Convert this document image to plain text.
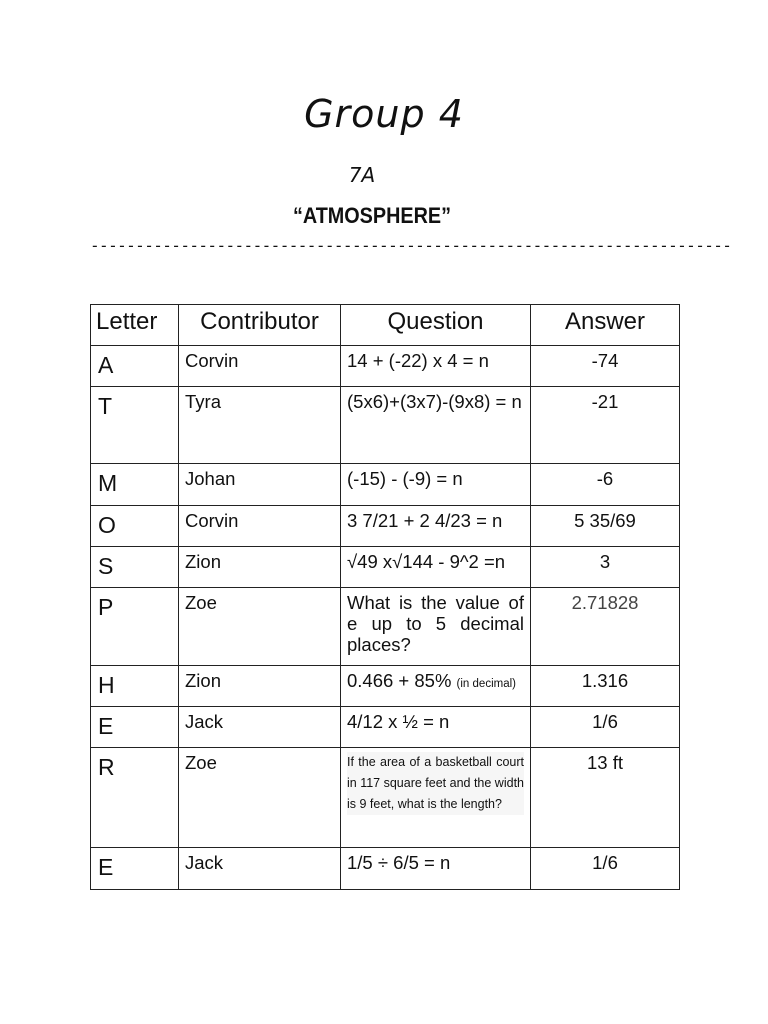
Group 4
7A
“ATMOSPHERE”
-----------------------------------------------------------------------
Letter	Contributor	Question	Answer
A	Corvin	14 + (-22) x 4 = n	-74
T	Tyra	(5x6)+(3x7)-(9x8) = n	-21
M	Johan	(-15) - (-9) = n	-6
O	Corvin	3 7/21 + 2 4/23 = n	5 35/69
S	Zion	√49 x√144 - 9^2 =n	3
P	Zoe	What is the value of e up to 5 decimal places?	2.71828
H	Zion	0.466 + 85% (in decimal)	1.316
E	Jack	4/12 x ½ = n	1/6
R	Zoe	If the area of a basketball court in 117 square feet and the width is 9 feet, what is the length?	13 ft
E	Jack	1/5 ÷ 6/5 = n	1/6
